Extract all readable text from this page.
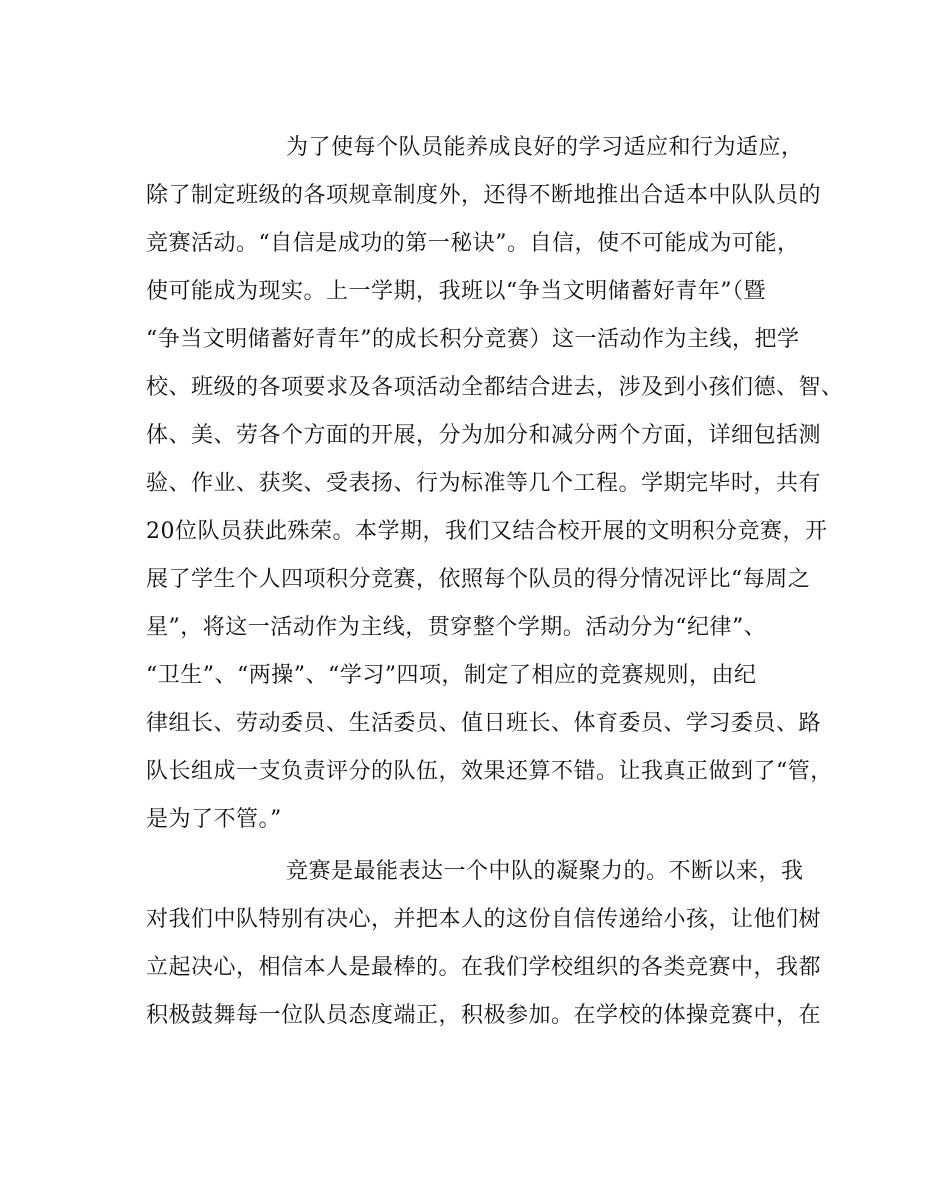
为了使每个队员能养成良好的学习适应和行为适应，
除了制定班级的各项规章制度外，还得不断地推出合适本中队队员的
竞赛活动。“自信是成功的第一秘诀”。自信，使不可能成为可能，
使可能成为现实。上一学期，我班以“争当文明储蓄好青年”（暨
“争当文明储蓄好青年”的成长积分竞赛）这一活动作为主线，把学
校、班级的各项要求及各项活动全都结合进去，涉及到小孩们德、智、
体、美、劳各个方面的开展，分为加分和减分两个方面，详细包括测
验、作业、获奖、受表扬、行为标准等几个工程。学期完毕时，共有
20位队员获此殊荣。本学期，我们又结合校开展的文明积分竞赛，开
展了学生个人四项积分竞赛，依照每个队员的得分情况评比“每周之
星”，将这一活动作为主线，贯穿整个学期。活动分为“纪律”、
“卫生”、“两操”、“学习”四项，制定了相应的竞赛规则，由纪
律组长、劳动委员、生活委员、值日班长、体育委员、学习委员、路
队长组成一支负责评分的队伍，效果还算不错。让我真正做到了“管，
是为了不管。”
竞赛是最能表达一个中队的凝聚力的。不断以来，我
对我们中队特别有决心，并把本人的这份自信传递给小孩，让他们树
立起决心，相信本人是最棒的。在我们学校组织的各类竞赛中，我都
积极鼓舞每一位队员态度端正，积极参加。在学校的体操竞赛中，在
